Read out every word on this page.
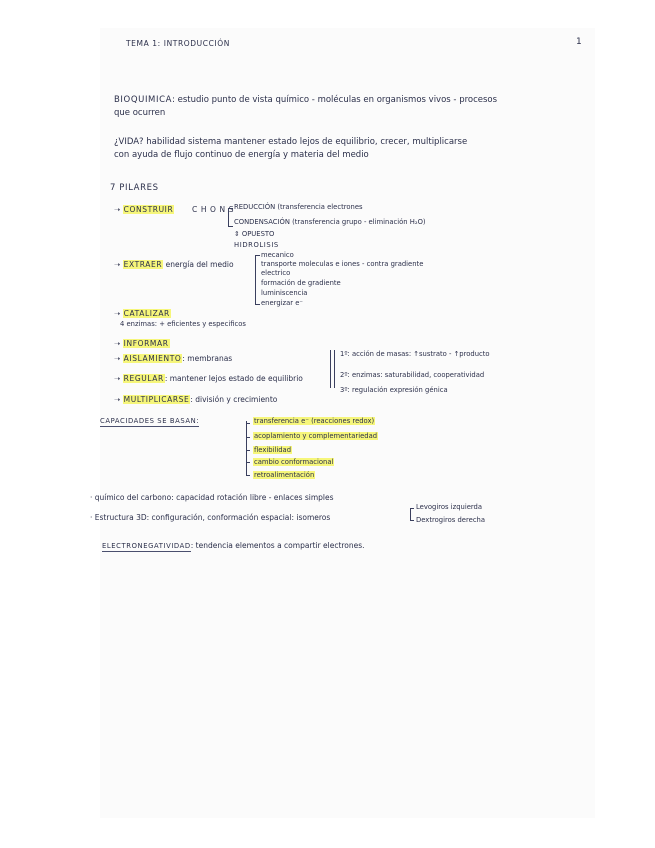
TEMA 1: INTRODUCCIÓN	1
BIOQUIMICA: estudio punto de vista químico - moléculas en organismos vivos - procesos
que ocurren
¿VIDA? habilidad sistema mantener estado lejos de equilibrio, crecer, multiplicarse
con ayuda de flujo continuo de energía y materia del medio
7 PILARES
➝ CONSTRUIR C H O N S REDUCCIÓN (transferencia electrones
CONDENSACIÓN (transferencia grupo - eliminación H₂O)
⇕ OPUESTO
HIDROLISIS
➝ EXTRAER energía del medio
mecanico
transporte moleculas e iones - contra gradiente
electrico
formación de gradiente
luminiscencia
energizar e⁻
➝ CATALIZAR
4 enzimas: + eficientes y especificos
➝ INFORMAR
➝ AISLAMIENTO: membranas
➝ REGULAR: mantener lejos estado de equilibrio
➝ MULTIPLICARSE: división y crecimiento
1º: acción de masas: ↑sustrato - ↑producto
2º: enzimas: saturabilidad, cooperatividad
3º: regulación expresión génica
CAPACIDADES SE BASAN:	transferencia e⁻ (reacciones redox)
acoplamiento y complementariedad
flexibilidad
cambio conformacional
retroalimentación
· químico del carbono: capacidad rotación libre - enlaces simples
· Estructura 3D: configuración, conformación espacial: isomeros
Levogiros izquierda
Dextrogiros derecha
ELECTRONEGATIVIDAD: tendencia elementos a compartir electrones.
